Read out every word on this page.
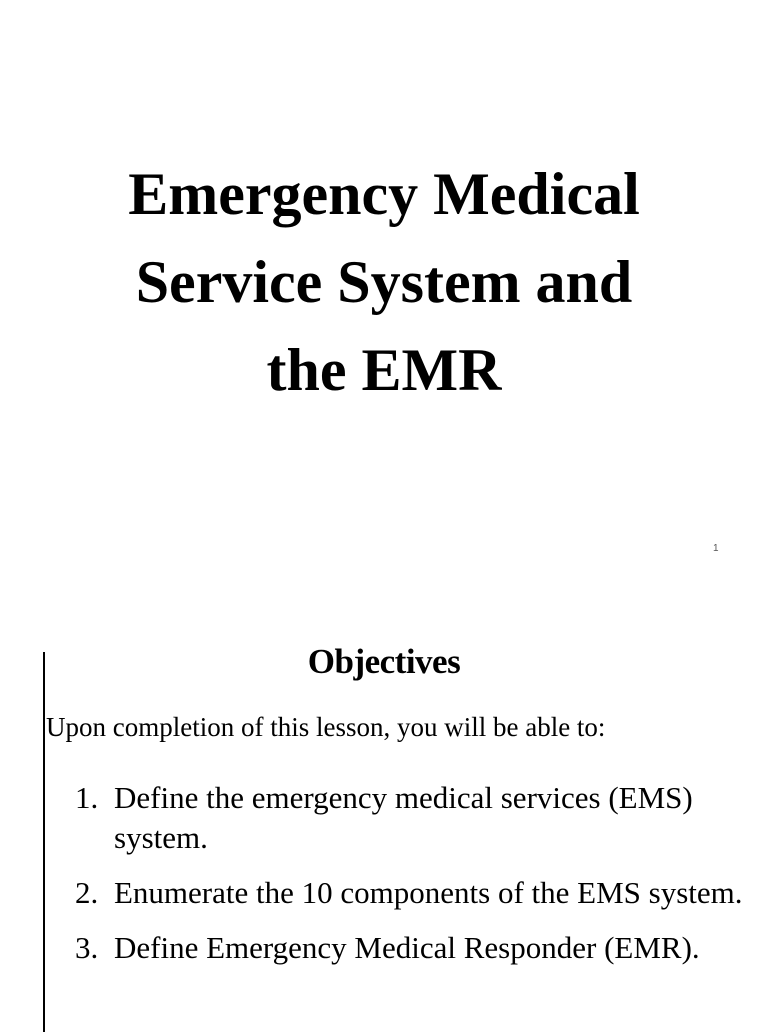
Emergency Medical
Service System and
the EMR
1
Objectives

Upon completion of this lesson, you will be able to:

1. Define the emergency medical services (EMS) system.
2. Enumerate the 10 components of the EMS system.
3. Define Emergency Medical Responder (EMR).
